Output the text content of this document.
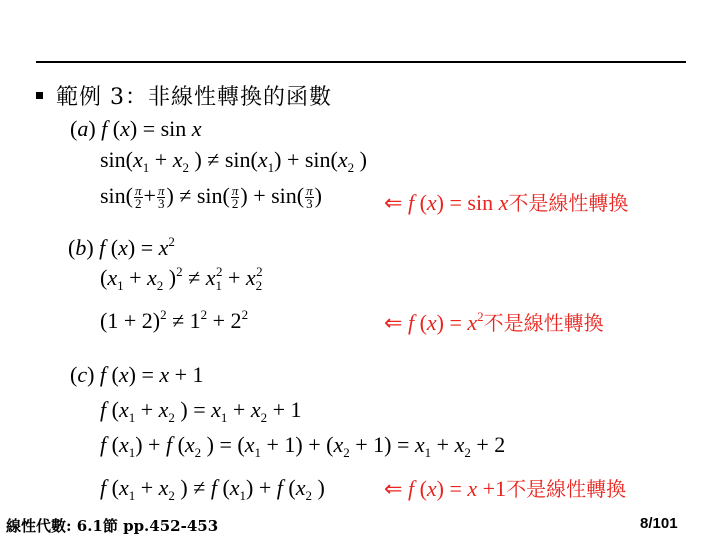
範例 3：非線性轉換的函數
(a) f (x) = sin x
$\sin(x_1 + x_2$ ) ≠ $\sin(x_1) + \sin(x_2$ )
$\sin( \frac{\pi}{2} + \frac{\pi}{3}$ ) ≠ $\sin( \frac{\pi}{2}$ ) + $\sin( \frac{\pi}{3}$ )	⇐ f (x) = sin x不是線性轉換
(b) f $(x) = x^2$
($x_1 + x_2$ )$^2 \ne x_1^2 + x_2^2$
$(1 + 2)^2 \ne 1^2 + 2^2$	⇐ f $(x) = x^2$不是線性轉換
(c) f (x) = x + 1
f ($x_1 + x_2$ ) = $x_1 + x_2 + 1$
f $(x_1) + f$ ($x_2$ ) = $(x_1 + 1) + (x_2 + 1) = x_1 + x_2 + 2$
f ($x_1 + x_2$ ) ≠ f $(x_1) + f$ ($x_2$ )	⇐ f (x) = x +1不是線性轉換
線性代數: 6.1節 pp.452-453	8/101
